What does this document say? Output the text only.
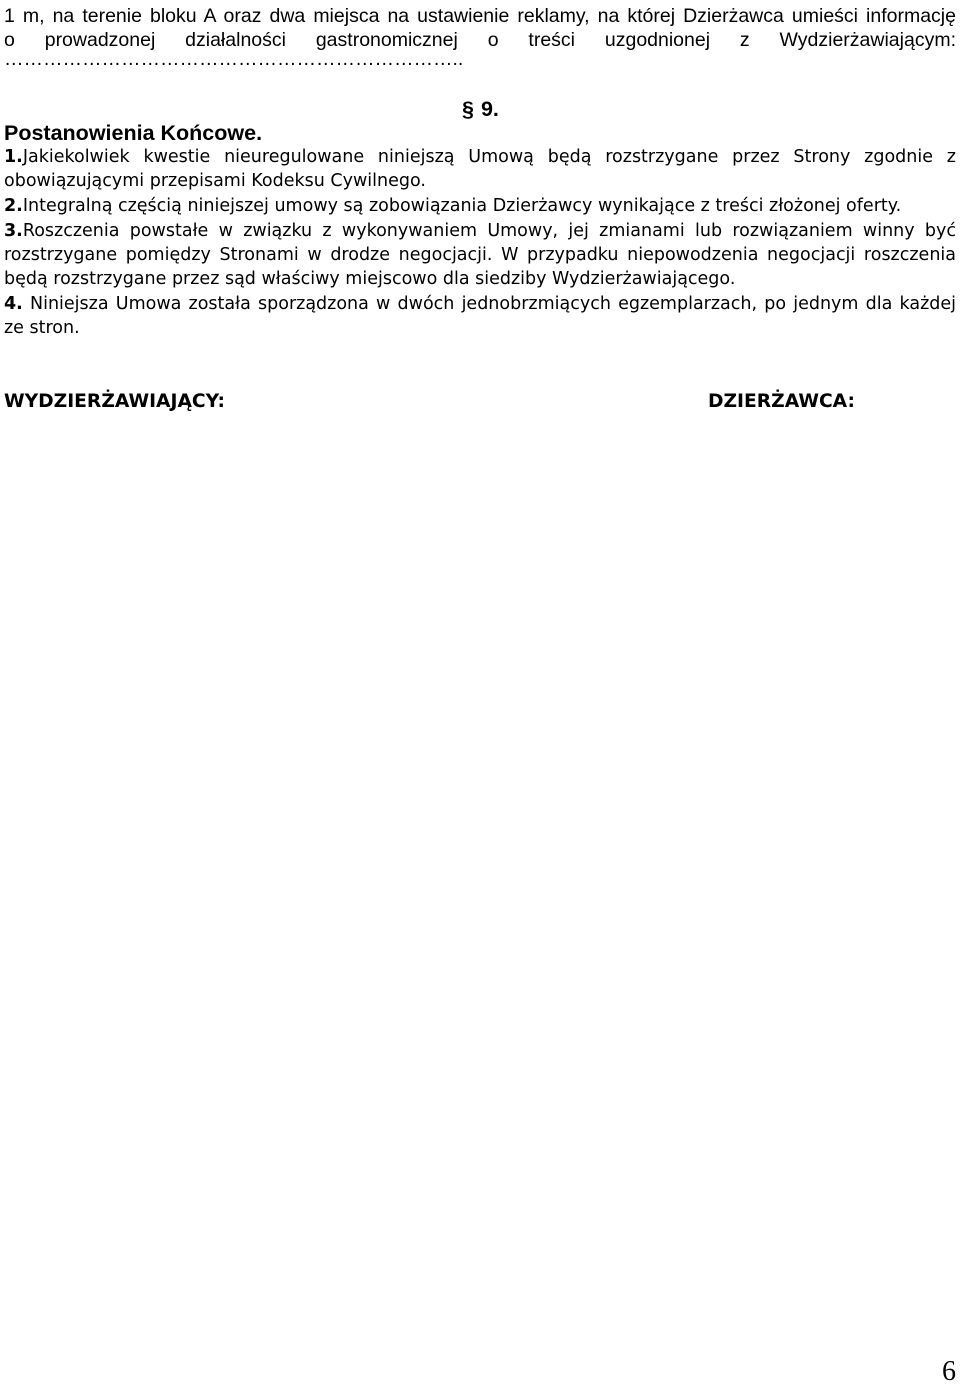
1 m, na terenie bloku A oraz dwa miejsca na ustawienie reklamy, na której Dzierżawca umieści informację
o prowadzonej działalności gastronomicznej o treści uzgodnionej z Wydzierżawiającym:
……………………………………………………………..
§ 9.
Postanowienia Końcowe.
1.Jakiekolwiek kwestie nieuregulowane niniejszą Umową będą rozstrzygane przez Strony zgodnie z
obowiązującymi przepisami Kodeksu Cywilnego.
2.Integralną częścią niniejszej umowy są zobowiązania Dzierżawcy wynikające z treści złożonej oferty.
3.Roszczenia powstałe w związku z wykonywaniem Umowy, jej zmianami lub rozwiązaniem winny być
rozstrzygane pomiędzy Stronami w drodze negocjacji. W przypadku niepowodzenia negocjacji roszczenia
będą rozstrzygane przez sąd właściwy miejscowo dla siedziby Wydzierżawiającego.
4. Niniejsza Umowa została sporządzona w dwóch jednobrzmiących egzemplarzach, po jednym dla każdej
ze stron.
WYDZIERŻAWIAJĄCY:	DZIERŻAWCA:
6
